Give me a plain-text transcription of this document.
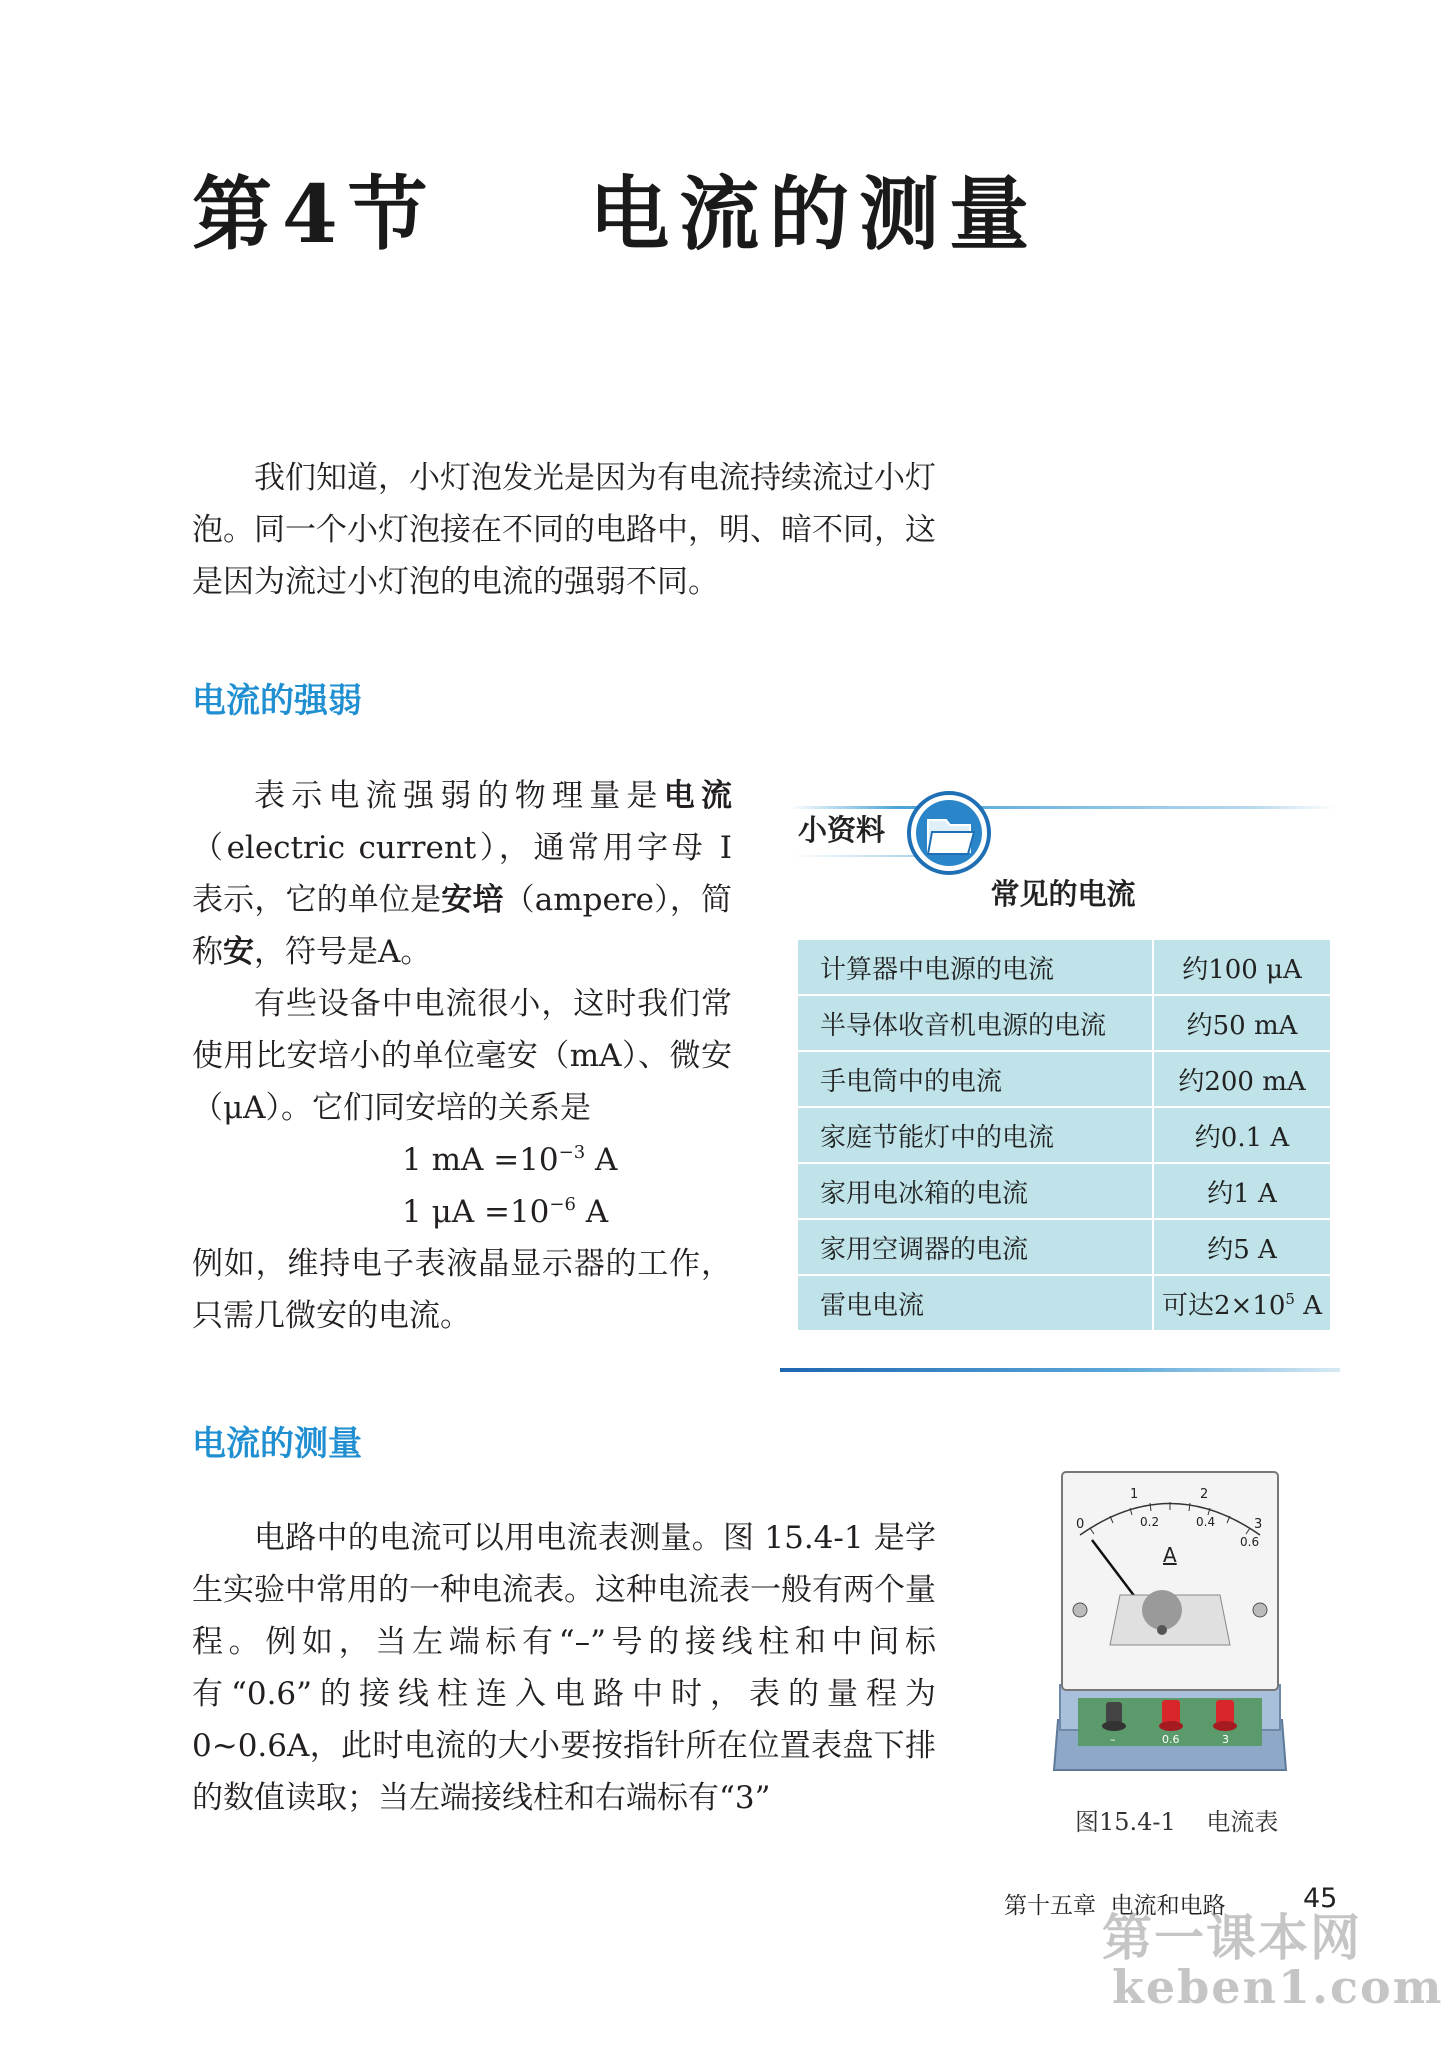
第4节    电流的测量

我们知道，小灯泡发光是因为有电流持续流过小灯泡。同一个小灯泡接在不同的电路中，明、暗不同，这是因为流过小灯泡的电流的强弱不同。

电流的强弱

表示电流强弱的物理量是电流（electric current），通常用字母 I 表示，它的单位是安培（ampere），简称安，符号是A。

有些设备中电流很小，这时我们常使用比安培小的单位毫安（mA）、微安（μA）。它们同安培的关系是

1 mA $=10^{-3}$ A

1 $\mu A =10^{-6}$ A

例如，维持电子表液晶显示器的工作，只需几微安的电流。

小资料
常见的电流
计算器中电源的电流	约100 μA
半导体收音机电源的电流	约50 mA
手电筒中的电流	约200 mA
家庭节能灯中的电流	约0.1 A
家用电冰箱的电流	约1 A
家用空调器的电流	约5 A
雷电电流	可达$2\times 10^5$ A
电流的测量

电路中的电流可以用电流表测量。图 15.4-1 是学生实验中常用的一种电流表。这种电流表一般有两个量程。例如，当左端标有“–”号的接线柱和中间标有“0.6”的接线柱连入电路中时，表的量程为0~0.6A，此时电流的大小要按指针所在位置表盘下排的数值读取；当左端接线柱和右端标有“3”

0
1	2
3
0.2	0.4
0.6
A
–	0.6	3
图15.4-1    电流表
第十五章  电流和电路	45
第一课本网
keben1.com
